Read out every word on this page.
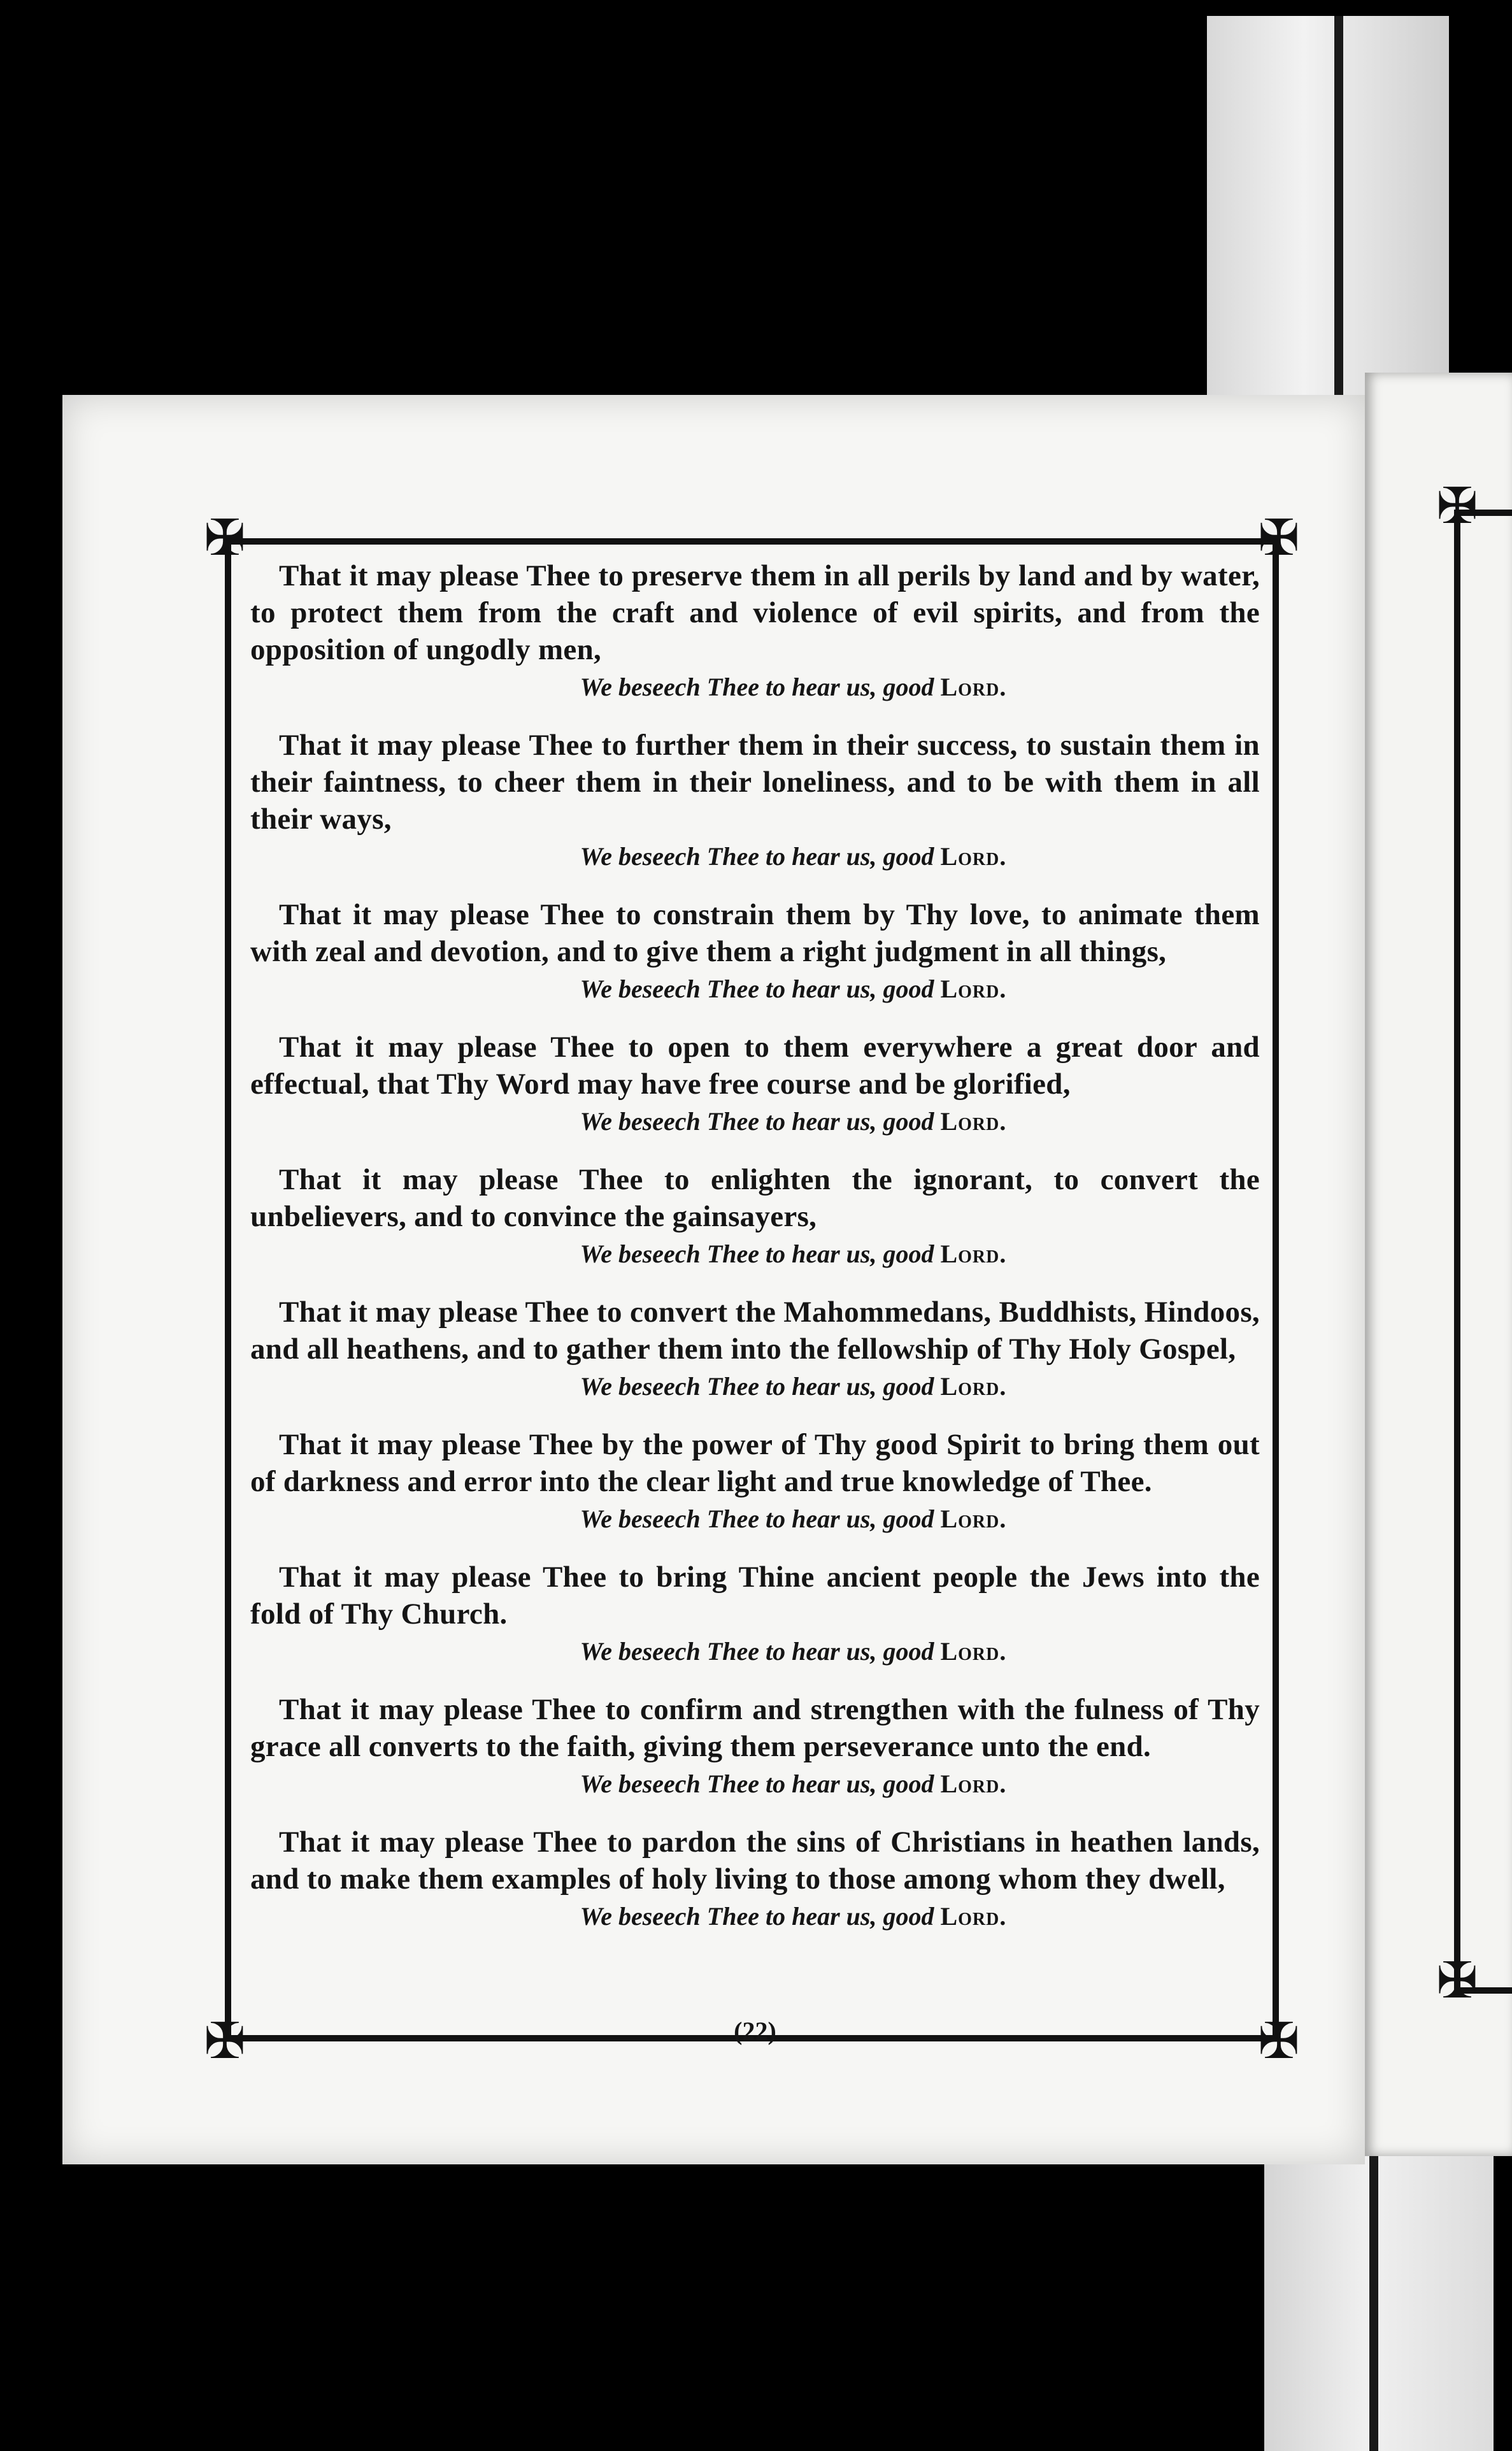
✠
✠
✠	✠
✠	✠

That it may please Thee to preserve them in all perils by land and by water, to protect them from the craft and violence of evil spirits, and from the opposition of ungodly men,

We beseech Thee to hear us, good Lord.

That it may please Thee to further them in their success, to sustain them in their faintness, to cheer them in their loneliness, and to be with them in all their ways,

We beseech Thee to hear us, good Lord.

That it may please Thee to constrain them by Thy love, to animate them with zeal and devotion, and to give them a right judgment in all things,

We beseech Thee to hear us, good Lord.

That it may please Thee to open to them everywhere a great door and effectual, that Thy Word may have free course and be glorified,

We beseech Thee to hear us, good Lord.

That it may please Thee to enlighten the ignorant, to convert the unbelievers, and to convince the gainsayers,

We beseech Thee to hear us, good Lord.

That it may please Thee to convert the Mahommedans, Buddhists, Hindoos, and all heathens, and to gather them into the fellowship of Thy Holy Gospel,

We beseech Thee to hear us, good Lord.

That it may please Thee by the power of Thy good Spirit to bring them out of darkness and error into the clear light and true knowledge of Thee.

We beseech Thee to hear us, good Lord.

That it may please Thee to bring Thine ancient people the Jews into the fold of Thy Church.

We beseech Thee to hear us, good Lord.

That it may please Thee to confirm and strengthen with the fulness of Thy grace all converts to the faith, giving them perseverance unto the end.

We beseech Thee to hear us, good Lord.

That it may please Thee to pardon the sins of Christians in heathen lands, and to make them examples of holy living to those among whom they dwell,

We beseech Thee to hear us, good Lord.

(22)
